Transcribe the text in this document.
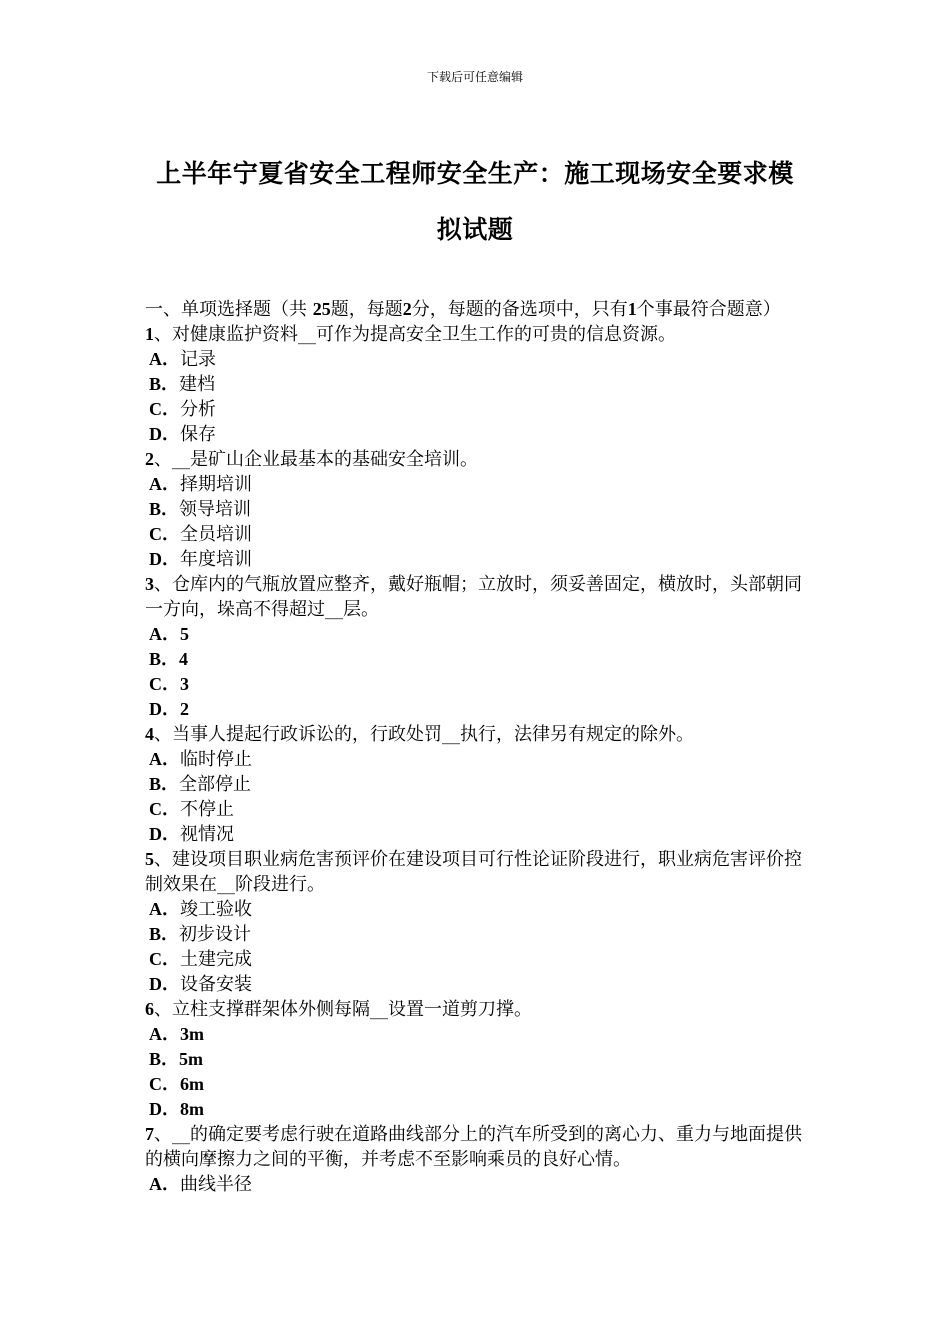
下载后可任意编辑
上半年宁夏省安全工程师安全生产：施工现场安全要求模
拟试题

一、单项选择题（共 25题，每题2分，每题的备选项中，只有1个事最符合题意）

1、对健康监护资料__可作为提高安全卫生工作的可贵的信息资源。

A．记录

B．建档

C．分析

D．保存

2、__是矿山企业最基本的基础安全培训。

A．择期培训

B．领导培训

C．全员培训

D．年度培训

3、仓库内的气瓶放置应整齐，戴好瓶帽；立放时，须妥善固定，横放时，头部朝同一方向，垛高不得超过__层。

A．5

B．4

C．3

D．2

4、当事人提起行政诉讼的，行政处罚__执行，法律另有规定的除外。

A．临时停止

B．全部停止

C．不停止

D．视情况

5、建设项目职业病危害预评价在建设项目可行性论证阶段进行，职业病危害评价控制效果在__阶段进行。

A．竣工验收

B．初步设计

C．土建完成

D．设备安装

6、立柱支撑群架体外侧每隔__设置一道剪刀撑。

A．3m

B．5m

C．6m

D．8m

7、__的确定要考虑行驶在道路曲线部分上的汽车所受到的离心力、重力与地面提供的横向摩擦力之间的平衡，并考虑不至影响乘员的良好心情。

A．曲线半径
